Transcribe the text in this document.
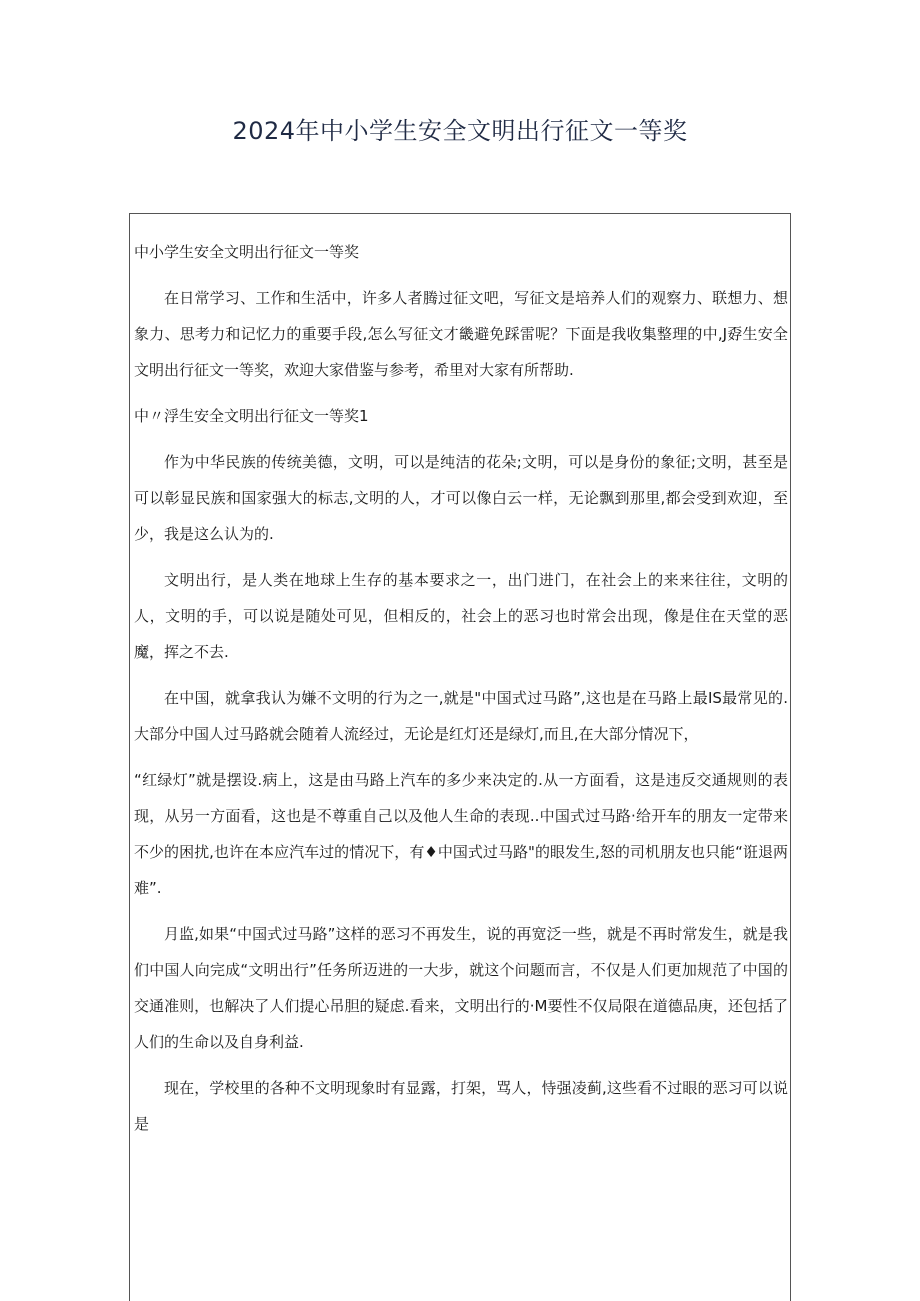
2024年中小学生安全文明出行征文一等奖

中小学生安全文明出行征文一等奖

在日常学习、工作和生活中，许多人者腾过征文吧，写征文是培养人们的观察力、联想力、想象力、思考力和记忆力的重要手段,怎么写征文才畿避免踩雷呢？下面是我收集整理的中,J孬生安全文明出行征文一等奖，欢迎大家借鉴与参考，希里对大家有所帮助.

中〃浮生安全文明出行征文一等奖1

作为中华民族的传统美德，文明，可以是纯洁的花朵;文明，可以是身份的象征;文明，甚至是可以彰显民族和国家强大的标志,文明的人，才可以像白云一样，无论飘到那里,都会受到欢迎，至少，我是这么认为的.

文明出行，是人类在地球上生存的基本要求之一，出门进门，在社会上的来来往往，文明的人，文明的手，可以说是随处可见，但相反的，社会上的恶习也时常会出现，像是住在天堂的恶魔，挥之不去.

在中国，就拿我认为嫌不文明的行为之一,就是"中国式过马路”,这也是在马路上最IS最常见的.大部分中国人过马路就会随着人流经过，无论是红灯还是绿灯,而且,在大部分情况下，

“红绿灯”就是摆设.病上，这是由马路上汽车的多少来决定的.从一方面看，这是违反交通规则的表现，从另一方面看，这也是不尊重自己以及他人生命的表现..中国式过马路·给开车的朋友一定带来不少的困扰,也许在本应汽车过的情况下，有♦中国式过马路"的眼发生,怒的司机朋友也只能“诳退两难”.

月监,如果“中国式过马路”这样的恶习不再发生，说的再宽泛一些，就是不再时常发生，就是我们中国人向完成“文明出行”任务所迈进的一大步，就这个问题而言，不仅是人们更加规范了中国的交通准则，也解决了人们提心吊胆的疑虑.看来，文明出行的·M要性不仅局限在道德品庚，还包括了人们的生命以及自身利益.

现在，学校里的各种不文明现象时有显露，打架，骂人，恃强凌蓟,这些看不过眼的恶习可以说是
